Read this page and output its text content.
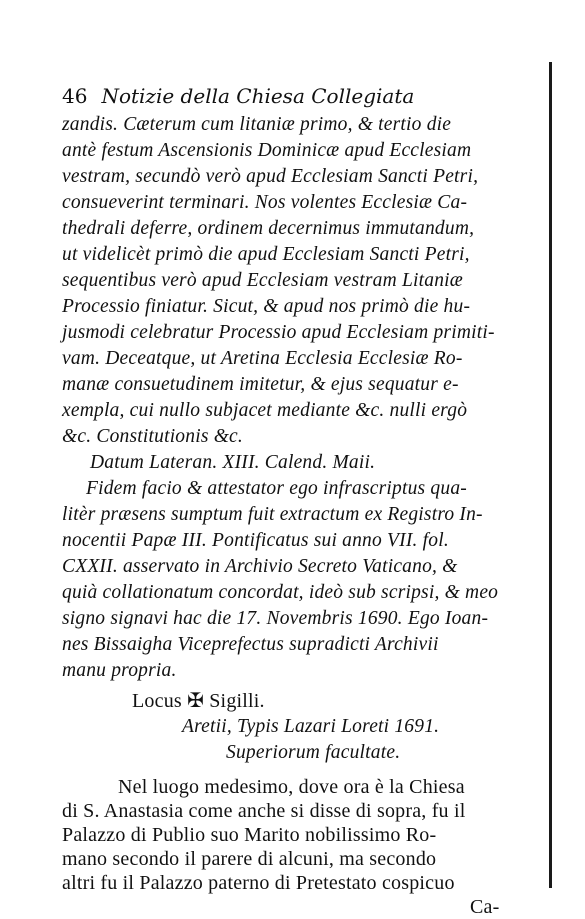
46 Notizie della Chiesa Collegiata
zandis. Cæterum cum litaniæ primo, & tertio die
antè festum Ascensionis Dominicæ apud Ecclesiam
vestram, secundò verò apud Ecclesiam Sancti Petri,
consueverint terminari. Nos volentes Ecclesiæ Ca-
thedrali deferre, ordinem decernimus immutandum,
ut videlicèt primò die apud Ecclesiam Sancti Petri,
sequentibus verò apud Ecclesiam vestram Litaniæ
Processio finiatur. Sicut, & apud nos primò die hu-
jusmodi celebratur Processio apud Ecclesiam primiti-
vam. Deceatque, ut Aretina Ecclesia Ecclesiæ Ro-
manæ consuetudinem imitetur, & ejus sequatur e-
xempla, cui nullo subjacet mediante &c. nulli ergò
&c. Constitutionis &c.
Datum Lateran. XIII. Calend. Maii.
Fidem facio & attestator ego infrascriptus qua-
litèr præsens sumptum fuit extractum ex Registro In-
nocentii Papæ III. Pontificatus sui anno VII. fol.
CXXII. asservato in Archivio Secreto Vaticano, &
quià collationatum concordat, ideò sub scripsi, & meo
signo signavi hac die 17. Novembris 1690. Ego Ioan-
nes Bissaigha Viceprefectus supradicti Archivii
manu propria.
Locus ✠ Sigilli.
Aretii, Typis Lazari Loreti 1691.
Superiorum facultate.
Nel luogo medesimo, dove ora è la Chiesa
di S. Anastasia come anche si disse di sopra, fu il
Palazzo di Publio suo Marito nobilissimo Ro-
mano secondo il parere di alcuni, ma secondo
altri fu il Palazzo paterno di Pretestato cospicuo
Ca-
